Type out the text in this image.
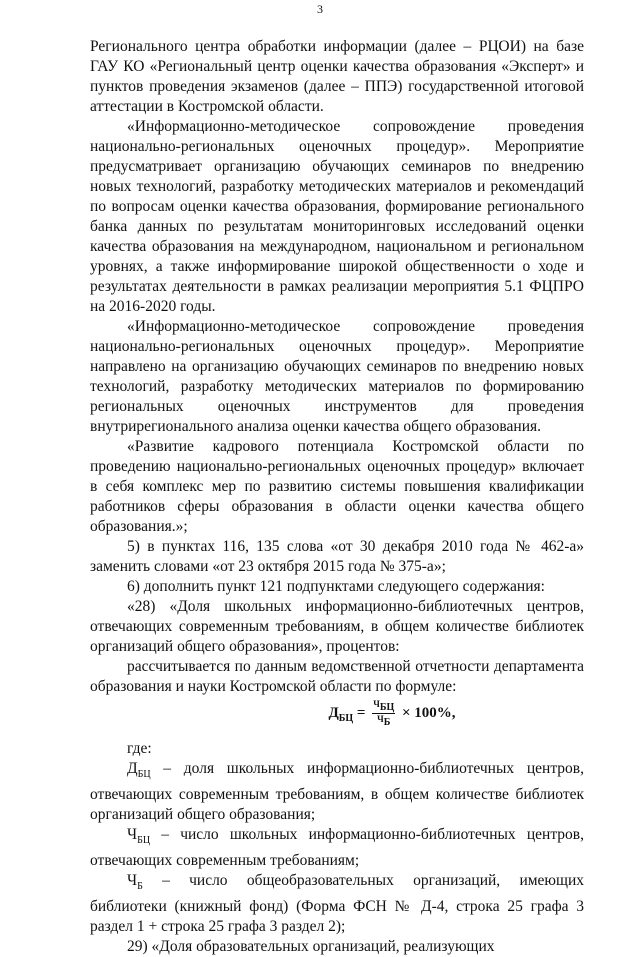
3

Регионального центра обработки информации (далее – РЦОИ) на базе ГАУ КО «Региональный центр оценки качества образования «Эксперт» и пунктов проведения экзаменов (далее – ППЭ) государственной итоговой аттестации в Костромской области.

«Информационно-методическое сопровождение проведения национально-региональных оценочных процедур». Мероприятие предусматривает организацию обучающих семинаров по внедрению новых технологий, разработку методических материалов и рекомендаций по вопросам оценки качества образования, формирование регионального банка данных по результатам мониторинговых исследований оценки качества образования на международном, национальном и региональном уровнях, а также информирование широкой общественности о ходе и результатах деятельности в рамках реализации мероприятия 5.1 ФЦПРО на 2016-2020 годы.

«Информационно-методическое сопровождение проведения национально-региональных оценочных процедур». Мероприятие направлено на организацию обучающих семинаров по внедрению новых технологий, разработку методических материалов по формированию региональных оценочных инструментов для проведения внутрирегионального анализа оценки качества общего образования.

«Развитие кадрового потенциала Костромской области по проведению национально-региональных оценочных процедур» включает в себя комплекс мер по развитию системы повышения квалификации работников сферы образования в области оценки качества общего образования.»;

5) в пунктах 116, 135 слова «от 30 декабря 2010 года № 462-а» заменить словами «от 23 октября 2015 года № 375-а»;

6) дополнить пункт 121 подпунктами следующего содержания:

«28) «Доля школьных информационно-библиотечных центров, отвечающих современным требованиям, в общем количестве библиотек организаций общего образования», процентов:

рассчитывается по данным ведомственной отчетности департамента образования и науки Костромской области по формуле:

$Д_{БЦ} = \frac{Ч_{БЦ}}{Ч_Б} \times 100\%$,

где:

$Д_{БЦ}$ – доля школьных информационно-библиотечных центров, отвечающих современным требованиям, в общем количестве библиотек организаций общего образования;

$Ч_{БЦ}$ – число школьных информационно-библиотечных центров, отвечающих современным требованиям;

$Ч_Б$ – число общеобразовательных организаций, имеющих библиотеки (книжный фонд) (Форма ФСН № Д-4, строка 25 графа 3 раздел 1 + строка 25 графа 3 раздел 2);

29) «Доля образовательных организаций, реализующих
